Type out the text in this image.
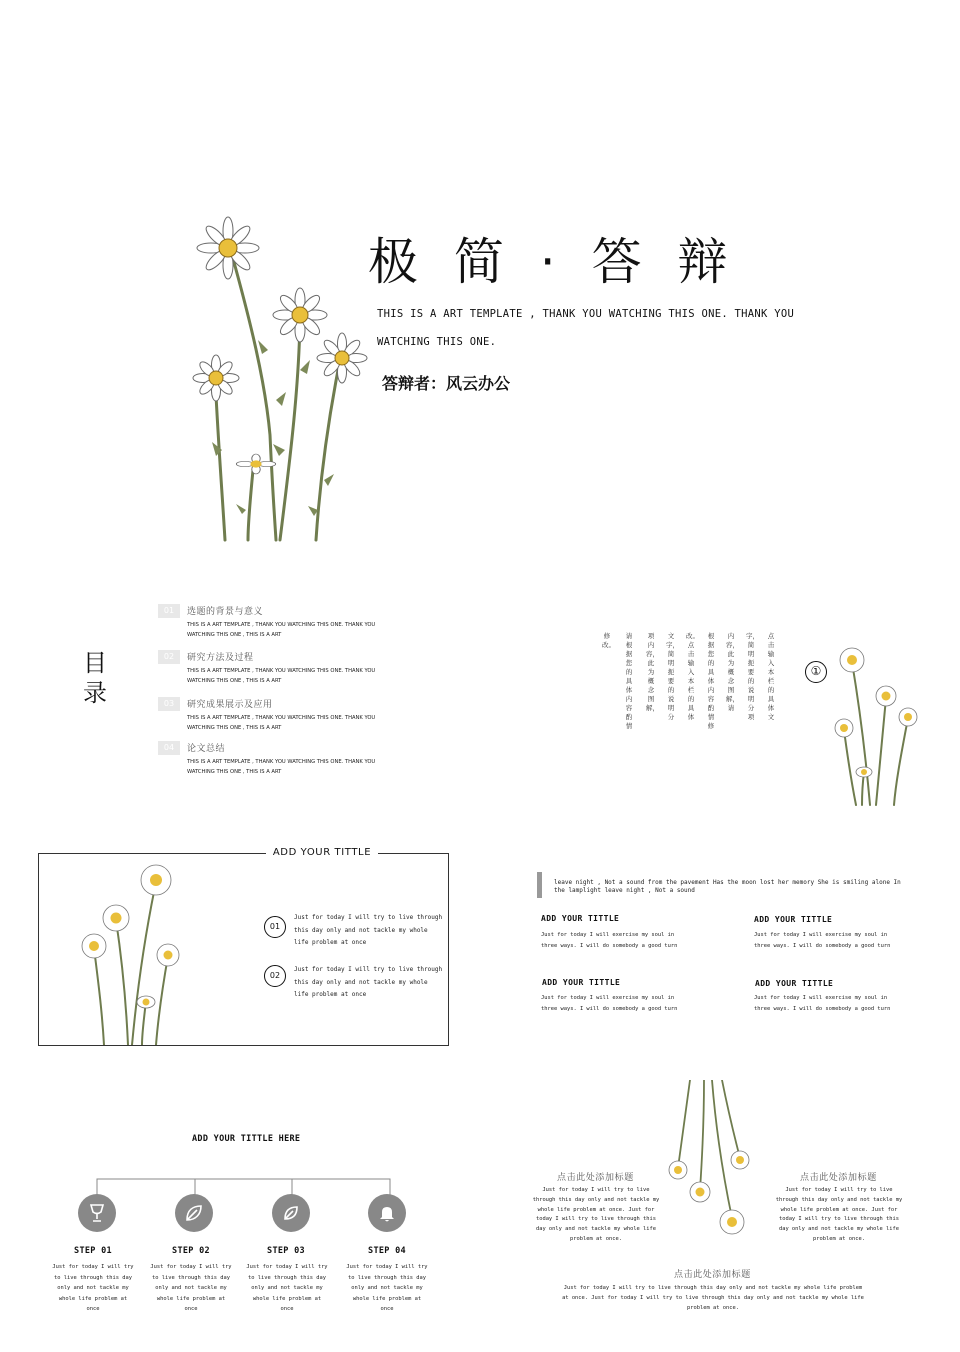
极 简 · 答 辩
THIS IS A ART TEMPLATE , THANK YOU WATCHING THIS ONE. THANK YOU WATCHING THIS ONE.
答辩者：风云办公
目录
01	选题的背景与意义
THIS IS A ART TEMPLATE , THANK YOU WATCHING THIS ONE. THANK YOU WATCHING THIS ONE , THIS IS A ART
02	研究方法及过程
THIS IS A ART TEMPLATE , THANK YOU WATCHING THIS ONE. THANK YOU WATCHING THIS ONE , THIS IS A ART
03	研究成果展示及应用
THIS IS A ART TEMPLATE , THANK YOU WATCHING THIS ONE. THANK YOU WATCHING THIS ONE , THIS IS A ART
04	论文总结
THIS IS A ART TEMPLATE , THANK YOU WATCHING THIS ONE. THANK YOU WATCHING THIS ONE , THIS IS A ART
点击输入本栏的具体文
字，简明扼要的说明分项
内容，此为概念图解，请
根据您的具体内容酌情修
改。点击输入本栏的具体
文字，简明扼要的说明分
项内容，此为概念图解，
请根据您的具体内容酌情
修改。
①
ADD YOUR TITTLE
01
Just for today I will try to live through this day only and not tackle my whole life problem at once
02
Just for today I will try to live through this day only and not tackle my whole life problem at once
leave night , Not a sound from the pavement Has the moon lost her memory She is smiling alone In the lamplight leave night , Not a sound
ADD YOUR TITTLE
Just for today I will exercise my soul in three ways. I will do somebody a good turn
ADD YOUR TITTLE
Just for today I will exercise my soul in three ways. I will do somebody a good turn
ADD YOUR TITTLE
Just for today I will exercise my soul in three ways. I will do somebody a good turn
ADD YOUR TITTLE
Just for today I will exercise my soul in three ways. I will do somebody a good turn
ADD YOUR TITTLE HERE
STEP 01
Just for today I will try to live through this day only and not tackle my whole life problem at once
STEP 02
Just for today I will try to live through this day only and not tackle my whole life problem at once
STEP 03
Just for today I will try to live through this day only and not tackle my whole life problem at once
STEP 04
Just for today I will try to live through this day only and not tackle my whole life problem at once
点击此处添加标题
Just for today I will try to live through this day only and not tackle my whole life problem at once. Just for today I will try to live through this day only and not tackle my whole life problem at once.
点击此处添加标题
Just for today I will try to live through this day only and not tackle my whole life problem at once. Just for today I will try to live through this day only and not tackle my whole life problem at once.
点击此处添加标题
Just for today I will try to live through this day only and not tackle my whole life problem at once. Just for today I will try to live through this day only and not tackle my whole life problem at once.
